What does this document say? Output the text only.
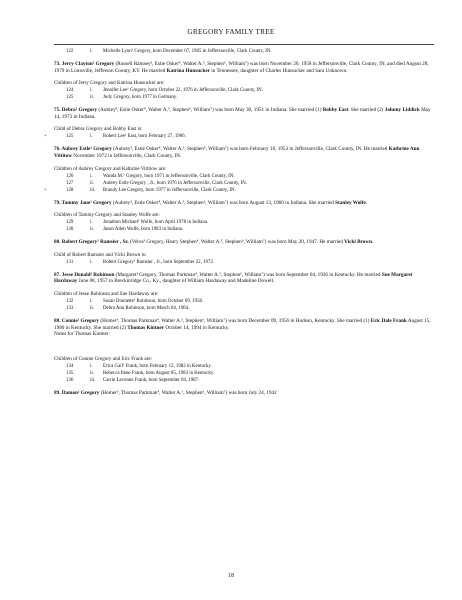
GREGORY FAMILY TREE
122	i. Michelle Lynn¹ Gregory, born December 07, 1985 in Jeffersonville, Clark County, IN.

73. Jerry Clayton² Gregory (Russell Ramsey³, Estie Osker⁴, Walter A.⁵, Stephen⁶, William⁷) was born November 20, 1958 in Jeffersonville, Clark County, IN, and died August 28, 1979 in Louisville, Jefferson County, KY. He married Katrina Hunsucker in Tennessee, daughter of Charles Hunsucker and Sara Unknown.

Children of Jerry Gregory and Katrina Hunsucker are:
124	i. Jennifer Lee¹ Gregory, born October 22, 1976 in Jeffersonville, Clark County, IN.
125	ii. Judy Gregory, born 1977 in Germany.

75. Debra² Gregory (Aubrey³, Estie Osker⁴, Walter A.⁵, Stephen⁶, William⁷) was born May 30, 1951 in Indiana. She married (1) Bobby East. She married (2) Johnny Liddick May 14, 1973 in Indiana.

Child of Debra Gregory and Bobby East is:
+	125	i. Robert Lee¹ East, born February 27, 1966.

76. Aubrey Estle² Gregory (Aubrey³, Estie Osker⁴, Walter A.⁵, Stephen⁶, William⁷) was born February 18, 1953 in Jeffersonville, Clark County, IN. He married Kathrine Ann Vittitow November 1972 in Jeffersonville, Clark County, IN.

Children of Aubrey Gregory and Kathrine Vittitow are:
126	i. Wanda M.¹ Gregory, born 1971 in Jeffersonville, Clark County, IN.
127	ii. Aubrey Estle Gregory , Jr., born 1976 in Jeffersonville, Clark County, IN.
+	128	iii. Brandy Lee Gregory, born 1977 in Jeffersonville, Clark County, IN.

79. Tammy Jane² Gregory (Aubrey³, Estie Osker⁴, Walter A.⁵, Stephen⁶, William⁷) was born August 13, 1960 in Indiana. She married Stanley Wolfe.

Children of Tammy Gregory and Stanley Wolfe are:
129	i. Jonathon Michael¹ Wolfe, born April 1978 in Indiana.
130	ii. Jason Allen Wolfe, born 1983 in Indiana.

80. Robert Gregory² Ramsier , Sr. (Velva³ Gregory, Heary Stephen⁴, Walter A.⁵, Stephen⁶, William⁷) was born May 20, 1947. He married Vicki Brown.

Child of Robert Ramsier and Vicki Brown is:
131	i. Robert Gregory¹ Ramsier , Jr., born September 22, 1972.

87. Jesse Donald² Robinson (Margaret³ Gregory, Thomas Parkman⁴, Walter A.⁵, Stephen⁶, William⁷) was born September 04, 1936 in Kentucky. He married Sue Margaret Hardaway June 08, 1957 in Breckinridge Co., Ky., daughter of William Hardaway and Madeline Dowell.

Children of Jesse Robinson and Sue Hardaway are:
132	i. Susan Donnette¹ Robinson, born October 09, 1958.
133	ii. Debra Ann Robinson, born March 04, 1964.

88. Connie² Gregory (Homer³, Thomas Parkman⁴, Walter A.⁵, Stephen⁶, William⁷) was born December 09, 1956 in Hudson, Kentucky. She married (1) Eric Dale Frank August 15, 1980 in Kentucky. She married (2) Thomas Kintner October 14, 1994 in Kentucky.

Notes for Thomas Kintner:

Children of Connie Gregory and Eric Frank are:
134	i. Erica Gail¹ Frank, born February 12, 1982 in Kentucky.
135	ii. Rebecca Ilene Frank, born August 05, 1983 in Kentucky.
136	iii. Carrie Lavonne Frank, born September 04, 1987.

89. Damon² Gregory (Homer³, Thomas Parkman⁴, Walter A.⁵, Stephen⁶, William⁷) was born July 24, 1942

18
